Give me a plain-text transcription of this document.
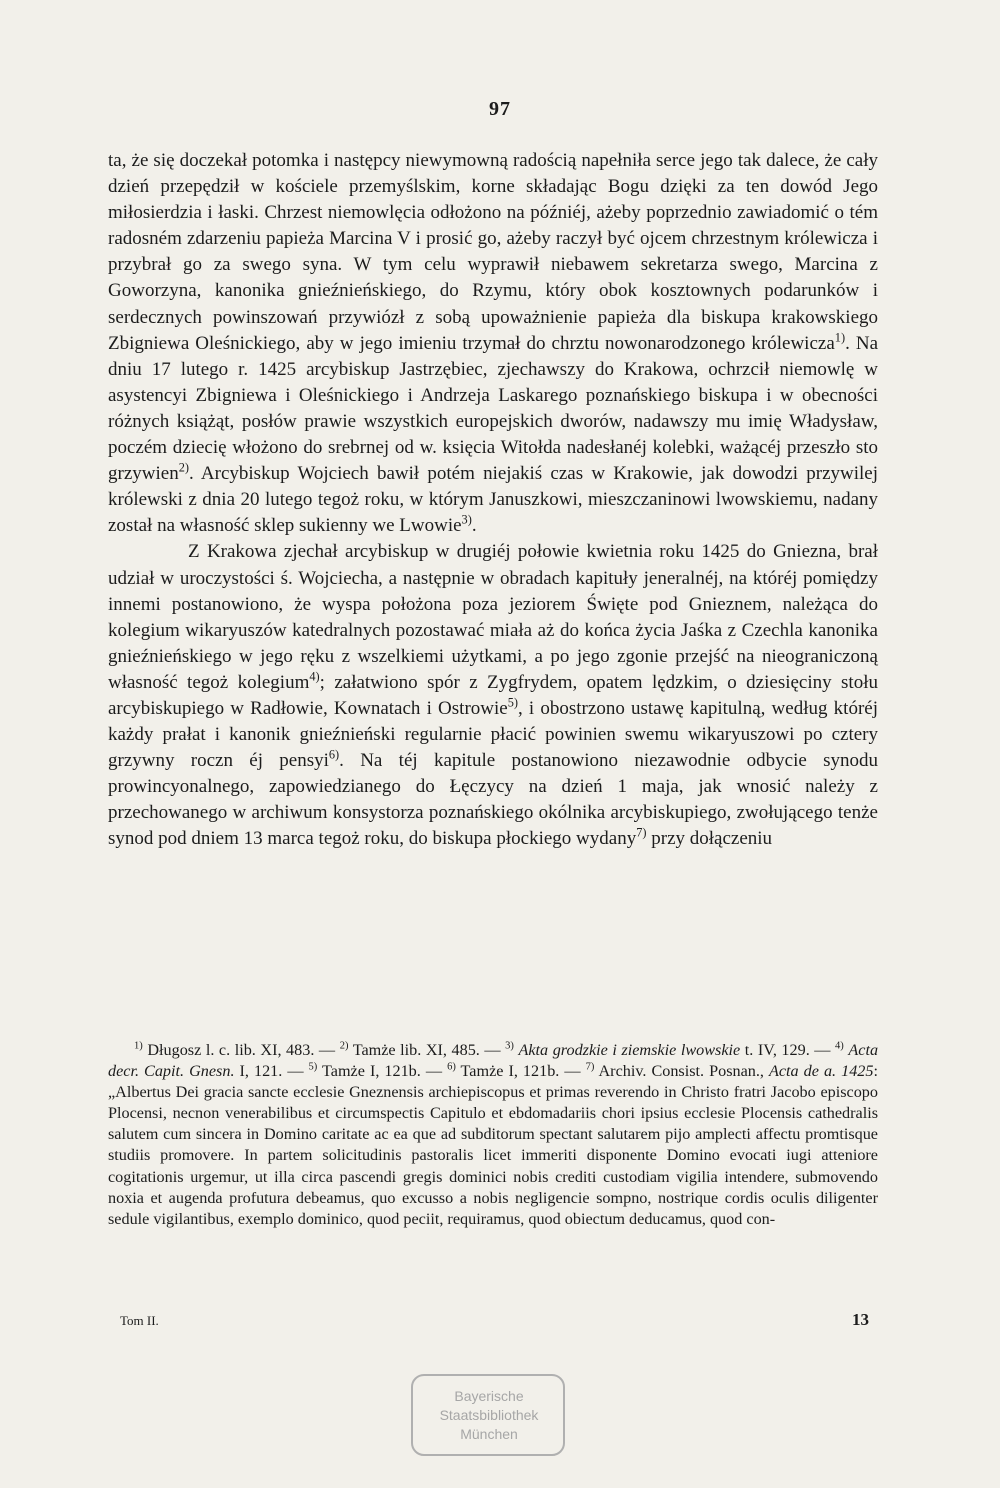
97

ta, że się doczekał potomka i następcy niewymowną radością napełniła serce jego tak dalece, że cały dzień przepędził w kościele przemyślskim, korne składając Bogu dzięki za ten dowód Jego miłosierdzia i łaski. Chrzest niemowlęcia odłożono na późniéj, ażeby poprzednio zawiadomić o tém radosném zdarzeniu papieża Marcina V i prosić go, ażeby raczył być ojcem chrzestnym królewicza i przybrał go za swego syna. W tym celu wyprawił niebawem sekretarza swego, Marcina z Goworzyna, kanonika gnieźnieńskiego, do Rzymu, który obok kosztownych podarunków i serdecznych powinszowań przywiózł z sobą upoważnienie papieża dla biskupa krakowskiego Zbigniewa Oleśnickiego, aby w jego imieniu trzymał do chrztu nowonarodzonego królewicza$^{1)}$. Na dniu 17 lutego r. 1425 arcybiskup Jastrzębiec, zjechawszy do Krakowa, ochrzcił niemowlę w asystencyi Zbigniewa i Oleśnickiego i Andrzeja Laskarego poznańskiego biskupa i w obecności różnych książąt, posłów prawie wszystkich europejskich dworów, nadawszy mu imię Władysław, poczém dziecię włożono do srebrnej od w. księcia Witołda nadesłanéj kolebki, ważącéj przeszło sto grzywien$^{2)}$. Arcybiskup Wojciech bawił potém niejakiś czas w Krakowie, jak dowodzi przywilej królewski z dnia 20 lutego tegoż roku, w którym Januszkowi, mieszczaninowi lwowskiemu, nadany został na własność sklep sukienny we Lwowie$^{3)}$.

Z Krakowa zjechał arcybiskup w drugiéj połowie kwietnia roku 1425 do Gniezna, brał udział w uroczystości ś. Wojciecha, a następnie w obradach kapituły jeneralnéj, na któréj pomiędzy innemi postanowiono, że wyspa położona poza jeziorem Święte pod Gnieznem, należąca do kolegium wikaryuszów katedralnych pozostawać miała aż do końca życia Jaśka z Czechla kanonika gnieźnieńskiego w jego ręku z wszelkiemi użytkami, a po jego zgonie przejść na nieograniczoną własność tegoż kolegium$^{4)}$; załatwiono spór z Zygfrydem, opatem lędzkim, o dziesięciny stołu arcybiskupiego w Radłowie, Kownatach i Ostrowie$^{5)}$, i obostrzono ustawę kapitulną, według któréj każdy prałat i kanonik gnieźnieński regularnie płacić powinien swemu wikaryuszowi po cztery grzywny roczn éj pensyi$^{6)}$. Na téj kapitule postanowiono niezawodnie odbycie synodu prowincyonalnego, zapowiedzianego do Łęczycy na dzień 1 maja, jak wnosić należy z przechowanego w archiwum konsystorza poznańskiego okólnika arcybiskupiego, zwołującego tenże synod pod dniem 13 marca tegoż roku, do biskupa płockiego wydany$^{7)}$ przy dołączeniu

$^{1)}$ Długosz l. c. lib. XI, 483. — $^{2)}$ Tamże lib. XI, 485. — $^{3)}$ Akta grodzkie i ziemskie lwowskie t. IV, 129. — $^{4)}$ Acta decr. Capit. Gnesn. I, 121. — $^{5)}$ Tamże I, 121b. — $^{6)}$ Tamże I, 121b. — $^{7)}$ Archiv. Consist. Posnan., Acta de a. 1425: „Albertus Dei gracia sancte ecclesie Gneznensis archiepiscopus et primas reverendo in Christo fratri Jacobo episcopo Plocensi, necnon venerabilibus et circumspectis Capitulo et ebdomadariis chori ipsius ecclesie Plocensis cathedralis salutem cum sincera in Domino caritate ac ea que ad subditorum spectant salutarem pijo amplecti affectu promtisque studiis promovere. In partem solicitudinis pastoralis licet immeriti disponente Domino evocati iugi atteniore cogitationis urgemur, ut illa circa pascendi gregis dominici nobis crediti custodiam vigilia intendere, submovendo noxia et augenda profutura debeamus, quo excusso a nobis negligencie sompno, nostrique cordis oculis diligenter sedule vigilantibus, exemplo dominico, quod peciit, requiramus, quod obiectum deducamus, quod con-

Tom II.	13
Bayerische
Staatsbibliothek
München
